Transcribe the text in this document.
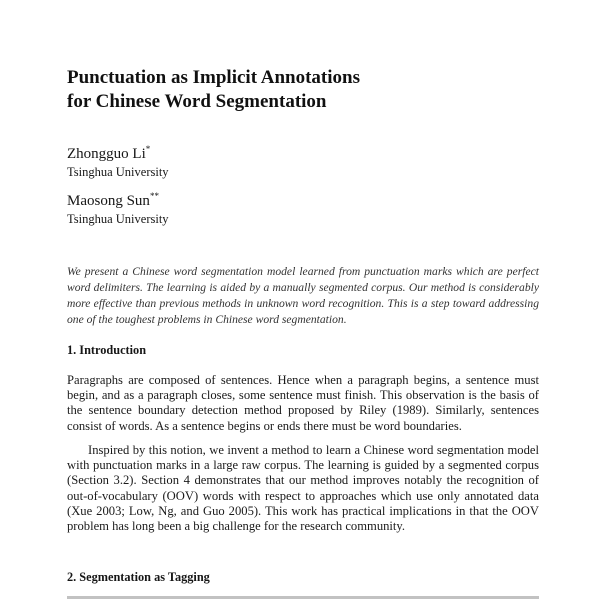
Punctuation as Implicit Annotations
for Chinese Word Segmentation
Zhongguo Li*
Tsinghua University
Maosong Sun**
Tsinghua University
We present a Chinese word segmentation model learned from punctuation marks which are perfect word delimiters. The learning is aided by a manually segmented corpus. Our method is considerably more effective than previous methods in unknown word recognition. This is a step toward addressing one of the toughest problems in Chinese word segmentation.
1. Introduction
Paragraphs are composed of sentences. Hence when a paragraph begins, a sentence must begin, and as a paragraph closes, some sentence must finish. This observation is the basis of the sentence boundary detection method proposed by Riley (1989). Similarly, sentences consist of words. As a sentence begins or ends there must be word boundaries.
Inspired by this notion, we invent a method to learn a Chinese word segmentation model with punctuation marks in a large raw corpus. The learning is guided by a segmented corpus (Section 3.2). Section 4 demonstrates that our method improves notably the recognition of out-of-vocabulary (OOV) words with respect to approaches which use only annotated data (Xue 2003; Low, Ng, and Guo 2005). This work has practical implications in that the OOV problem has long been a big challenge for the research community.
2. Segmentation as Tagging
